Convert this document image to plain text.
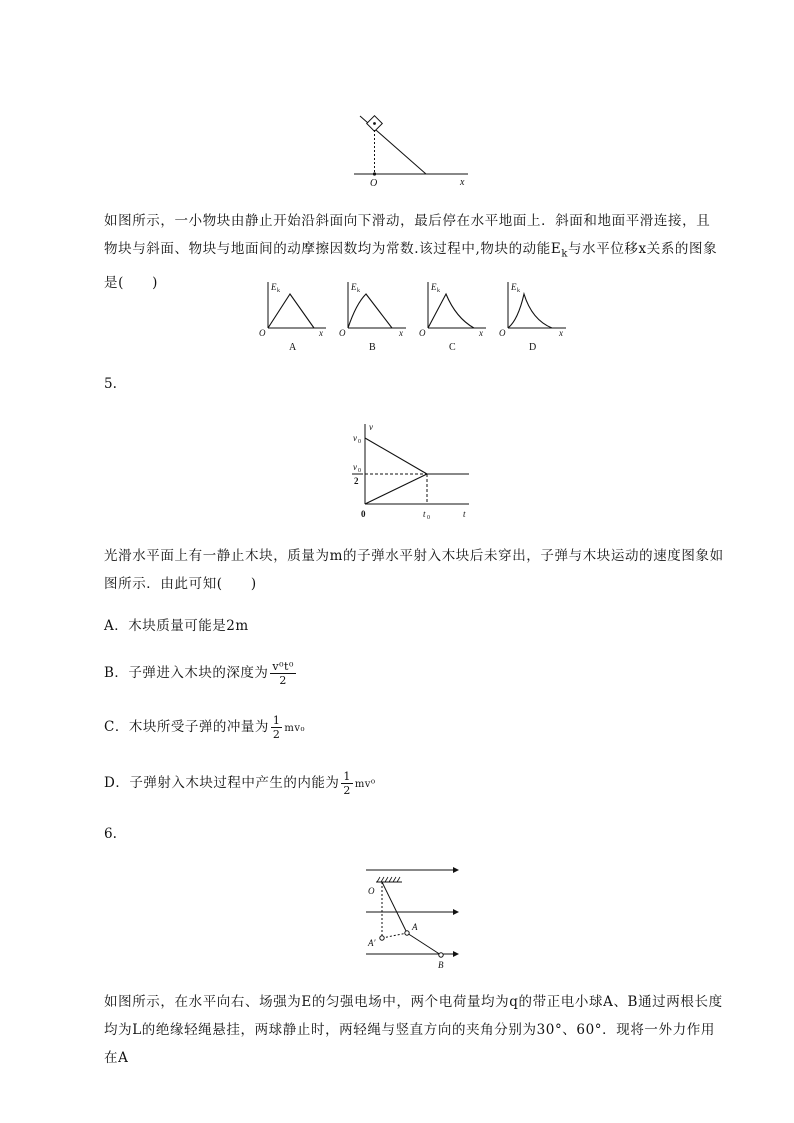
O	x
如图所示，一小物块由静止开始沿斜面向下滑动，最后停在水平地面上．斜面和地面平滑连接，且物块与斜面、物块与地面间的动摩擦因数均为常数.该过程中,物块的动能$E_k$与水平位移x关系的图象是(　　)	E k
O	x
A
E k
O	x
B
E k
O	x
C
E k
O	x
D
5.
v
v 0
v 0
2
0	t 0	t
光滑水平面上有一静止木块，质量为m的子弹水平射入木块后未穿出，子弹与木块运动的速度图象如图所示．由此可知(　　)
A．木块质量可能是2m
B．子弹进入木块的深度为 $\frac{\text{v⁰t⁰}}{2}$
C．木块所受子弹的冲量为 $\frac{1}{2} mv_0$
D．子弹射入木块过程中产生的内能为 $\frac{1}{2} mv^0$
6.
O
A′
A
B
如图所示，在水平向右、场强为E的匀强电场中，两个电荷量均为q的带正电小球A、B通过两根长度均为L的绝缘轻绳悬挂，两球静止时，两轻绳与竖直方向的夹角分别为30°、60°．现将一外力作用在A
